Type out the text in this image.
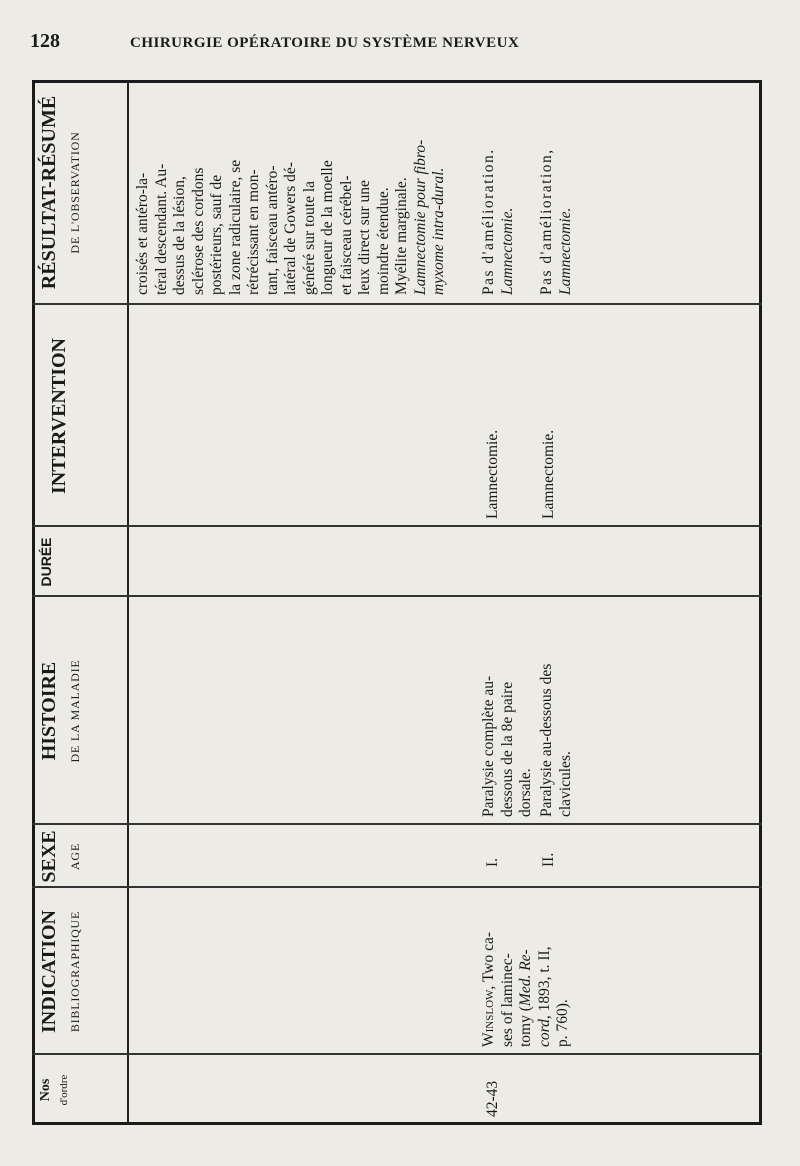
128	CHIRURGIE OPÉRATOIRE DU SYSTÈME NERVEUX
Nos d'ordre
INDICATION BIBLIOGRAPHIQUE
SEXE AGE
HISTOIRE DE LA MALADIE
DURÉE
INTERVENTION
RÉSULTAT-RÉSUMÉ DE L'OBSERVATION	croisés et antéro-la- téral descendant. Au- dessus de la lésion, sclérose des cordons postérieurs, sauf de la zone radiculaire, se rétrécissant en mon- tant, faisceau antéro- latéral de Gowers dé- généré sur toute la longueur de la moelle et faisceau cérébel- leux direct sur une moindre étendue. Myélite marginale. Lamnectomie pour fibro- myxome intra-dural.
42-43
Winslow, Two ca- ses of laminec- tomy (Med. Re-
cord, 1893, t. II,
p. 760).
I.
Paralysie complète au- dessous de la 8e paire dorsale.
Lamnectomie.
Pas d'amélioration. Lamnectomie.
II.
Paralysie au-dessous des clavicules.
Lamnectomie.
Pas d'amélioration, Lamnectomie.
